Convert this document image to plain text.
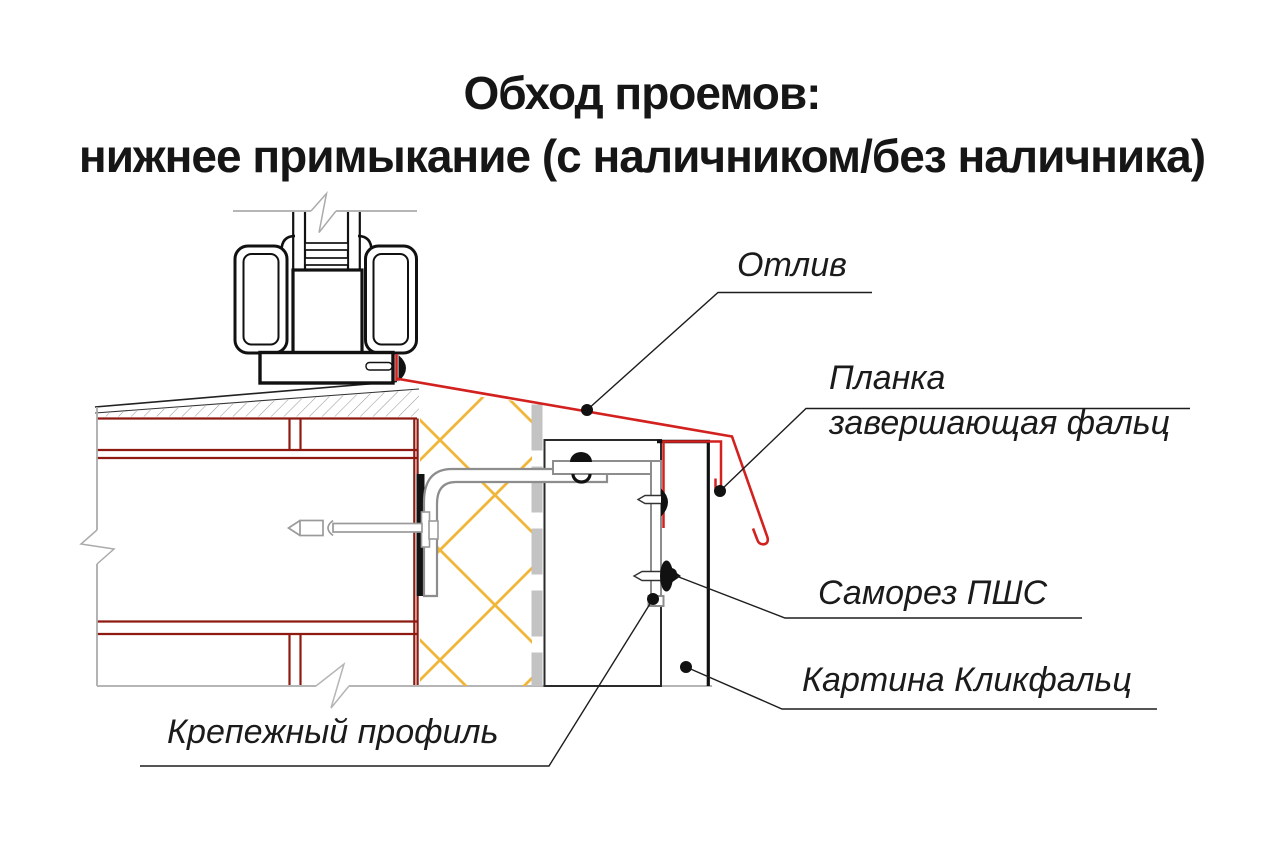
Обход проемов:
нижнее примыкание (с наличником/без наличника)
Отлив
Планка
завершающая фальц
Саморез ПШС
Картина Кликфальц
Крепежный профиль
